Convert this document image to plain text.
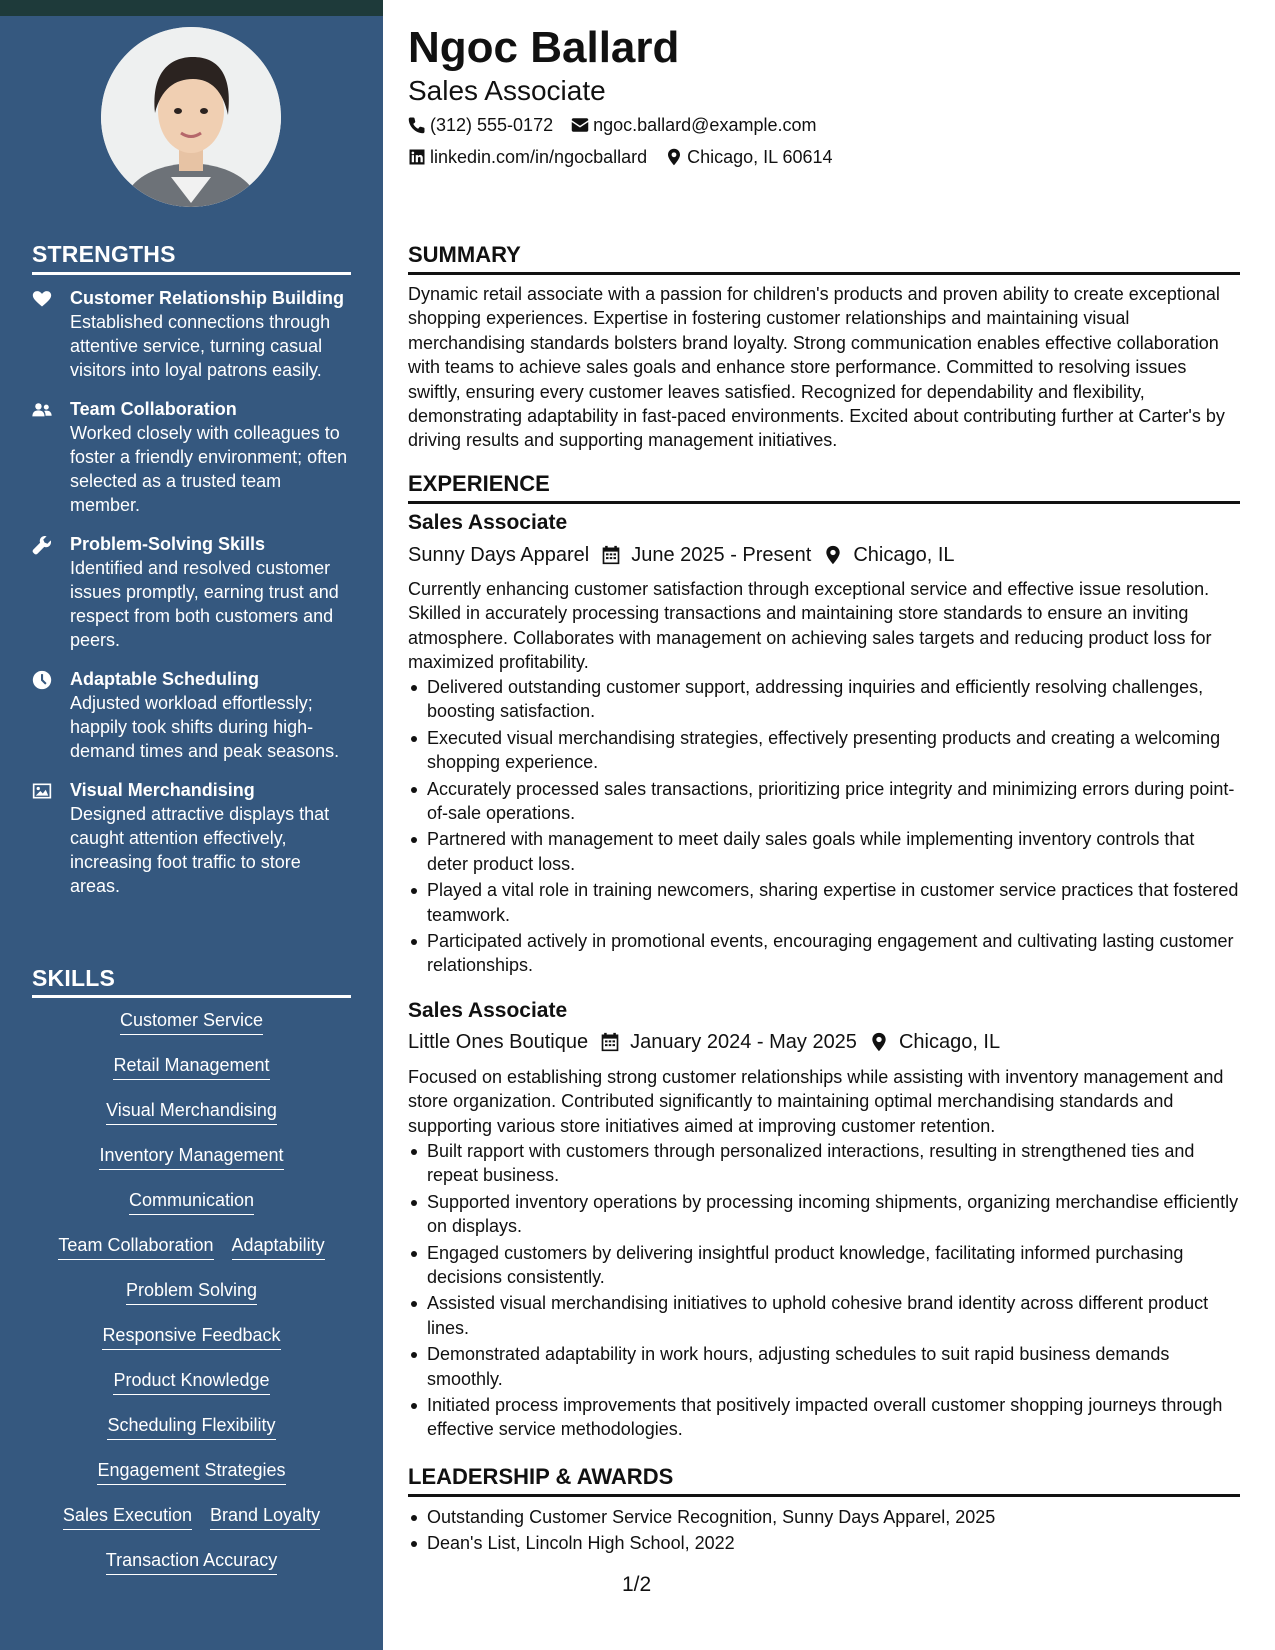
STRENGTHS
Customer Relationship Building
Established connections through attentive service, turning casual visitors into loyal patrons easily.
Team Collaboration
Worked closely with colleagues to foster a friendly environment; often selected as a trusted team member.
Problem-Solving Skills
Identified and resolved customer issues promptly, earning trust and respect from both customers and peers.
Adaptable Scheduling
Adjusted workload effortlessly; happily took shifts during high-demand times and peak seasons.
Visual Merchandising
Designed attractive displays that caught attention effectively, increasing foot traffic to store areas.
SKILLS
Customer Service
Retail Management
Visual Merchandising
Inventory Management
Communication
Team Collaboration Adaptability
Problem Solving
Responsive Feedback
Product Knowledge
Scheduling Flexibility
Engagement Strategies
Sales Execution Brand Loyalty
Transaction Accuracy
Ngoc Ballard
Sales Associate
(312) 555-0172 ngoc.ballard@example.com
linkedin.com/in/ngocballard Chicago, IL 60614
SUMMARY
Dynamic retail associate with a passion for children's products and proven ability to create exceptional shopping experiences. Expertise in fostering customer relationships and maintaining visual merchandising standards bolsters brand loyalty. Strong communication enables effective collaboration with teams to achieve sales goals and enhance store performance. Committed to resolving issues swiftly, ensuring every customer leaves satisfied. Recognized for dependability and flexibility, demonstrating adaptability in fast-paced environments. Excited about contributing further at Carter's by driving results and supporting management initiatives.
EXPERIENCE
Sales Associate
Sunny Days Apparel June 2025 - Present Chicago, IL
Currently enhancing customer satisfaction through exceptional service and effective issue resolution. Skilled in accurately processing transactions and maintaining store standards to ensure an inviting atmosphere. Collaborates with management on achieving sales targets and reducing product loss for maximized profitability.
Delivered outstanding customer support, addressing inquiries and efficiently resolving challenges, boosting satisfaction.
Executed visual merchandising strategies, effectively presenting products and creating a welcoming shopping experience.
Accurately processed sales transactions, prioritizing price integrity and minimizing errors during point-of-sale operations.
Partnered with management to meet daily sales goals while implementing inventory controls that deter product loss.
Played a vital role in training newcomers, sharing expertise in customer service practices that fostered teamwork.
Participated actively in promotional events, encouraging engagement and cultivating lasting customer relationships.
Sales Associate
Little Ones Boutique January 2024 - May 2025 Chicago, IL
Focused on establishing strong customer relationships while assisting with inventory management and store organization. Contributed significantly to maintaining optimal merchandising standards and supporting various store initiatives aimed at improving customer retention.
Built rapport with customers through personalized interactions, resulting in strengthened ties and repeat business.
Supported inventory operations by processing incoming shipments, organizing merchandise efficiently on displays.
Engaged customers by delivering insightful product knowledge, facilitating informed purchasing decisions consistently.
Assisted visual merchandising initiatives to uphold cohesive brand identity across different product lines.
Demonstrated adaptability in work hours, adjusting schedules to suit rapid business demands smoothly.
Initiated process improvements that positively impacted overall customer shopping journeys through effective service methodologies.
LEADERSHIP & AWARDS
Outstanding Customer Service Recognition, Sunny Days Apparel, 2025
Dean's List, Lincoln High School, 2022
1/2
